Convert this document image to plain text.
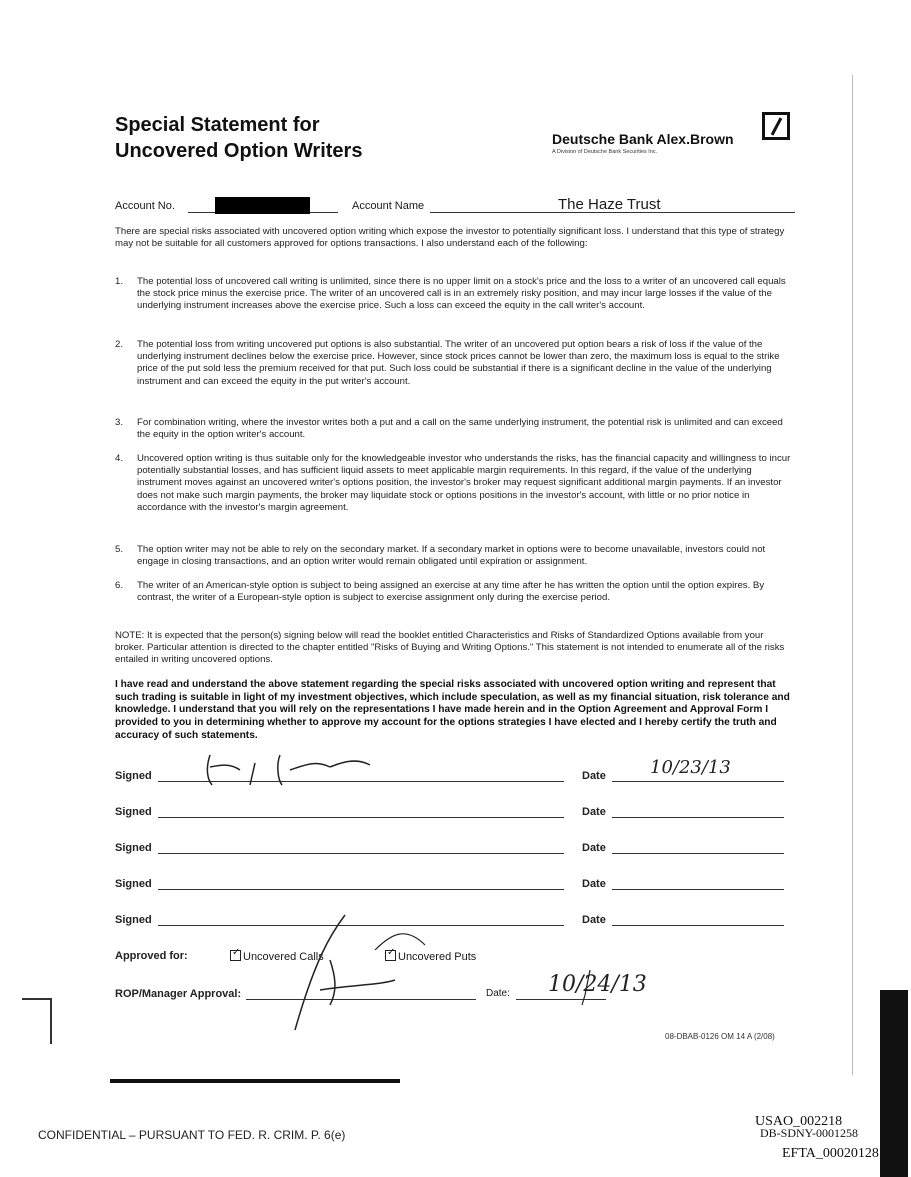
Special Statement for
Uncovered Option Writers
Deutsche Bank Alex.Brown
A Division of Deutsche Bank Securities Inc.
Account No.	Account Name	The Haze Trust
There are special risks associated with uncovered option writing which expose the investor to potentially significant loss. I understand that this type of strategy may not be suitable for all customers approved for options transactions. I also understand each of the following:
1. The potential loss of uncovered call writing is unlimited, since there is no upper limit on a stock's price and the loss to a writer of an uncovered call equals the stock price minus the exercise price. The writer of an uncovered call is in an extremely risky position, and may incur large losses if the value of the underlying instrument increases above the exercise price. Such a loss can exceed the equity in the call writer's account.
2. The potential loss from writing uncovered put options is also substantial. The writer of an uncovered put option bears a risk of loss if the value of the underlying instrument declines below the exercise price. However, since stock prices cannot be lower than zero, the maximum loss is equal to the strike price of the put sold less the premium received for that put. Such loss could be substantial if there is a significant decline in the value of the underlying instrument and can exceed the equity in the put writer's account.
3. For combination writing, where the investor writes both a put and a call on the same underlying instrument, the potential risk is unlimited and can exceed the equity in the option writer's account.
4. Uncovered option writing is thus suitable only for the knowledgeable investor who understands the risks, has the financial capacity and willingness to incur potentially substantial losses, and has sufficient liquid assets to meet applicable margin requirements. In this regard, if the value of the underlying instrument moves against an uncovered writer's options position, the investor's broker may request significant additional margin payments. If an investor does not make such margin payments, the broker may liquidate stock or options positions in the investor's account, with little or no prior notice in accordance with the investor's margin agreement.
5. The option writer may not be able to rely on the secondary market. If a secondary market in options were to become unavailable, investors could not engage in closing transactions, and an option writer would remain obligated until expiration or assignment.
6. The writer of an American-style option is subject to being assigned an exercise at any time after he has written the option until the option expires. By contrast, the writer of a European-style option is subject to exercise assignment only during the exercise period.
NOTE: It is expected that the person(s) signing below will read the booklet entitled Characteristics and Risks of Standardized Options available from your broker. Particular attention is directed to the chapter entitled "Risks of Buying and Writing Options." This statement is not intended to enumerate all of the risks entailed in writing uncovered options.
I have read and understand the above statement regarding the special risks associated with uncovered option writing and represent that such trading is suitable in light of my investment objectives, which include speculation, as well as my financial situation, risk tolerance and knowledge. I understand that you will rely on the representations I have made herein and in the Option Agreement and Approval Form I provided to you in determining whether to approve my account for the options strategies I have elected and I hereby certify the truth and accuracy of such statements.
Signed	Date 10/23/13
Signed	Date
Signed	Date
Signed	Date
Signed	Date
Approved for:	✓ Uncovered Calls	✓ Uncovered Puts
ROP/Manager Approval:	Date: 10/24/13
08-DBAB-0126 OM 14 A (2/08)
CONFIDENTIAL – PURSUANT TO FED. R. CRIM. P. 6(e)
USAO_002218
DB-SDNY-0001258
EFTA_00020128
